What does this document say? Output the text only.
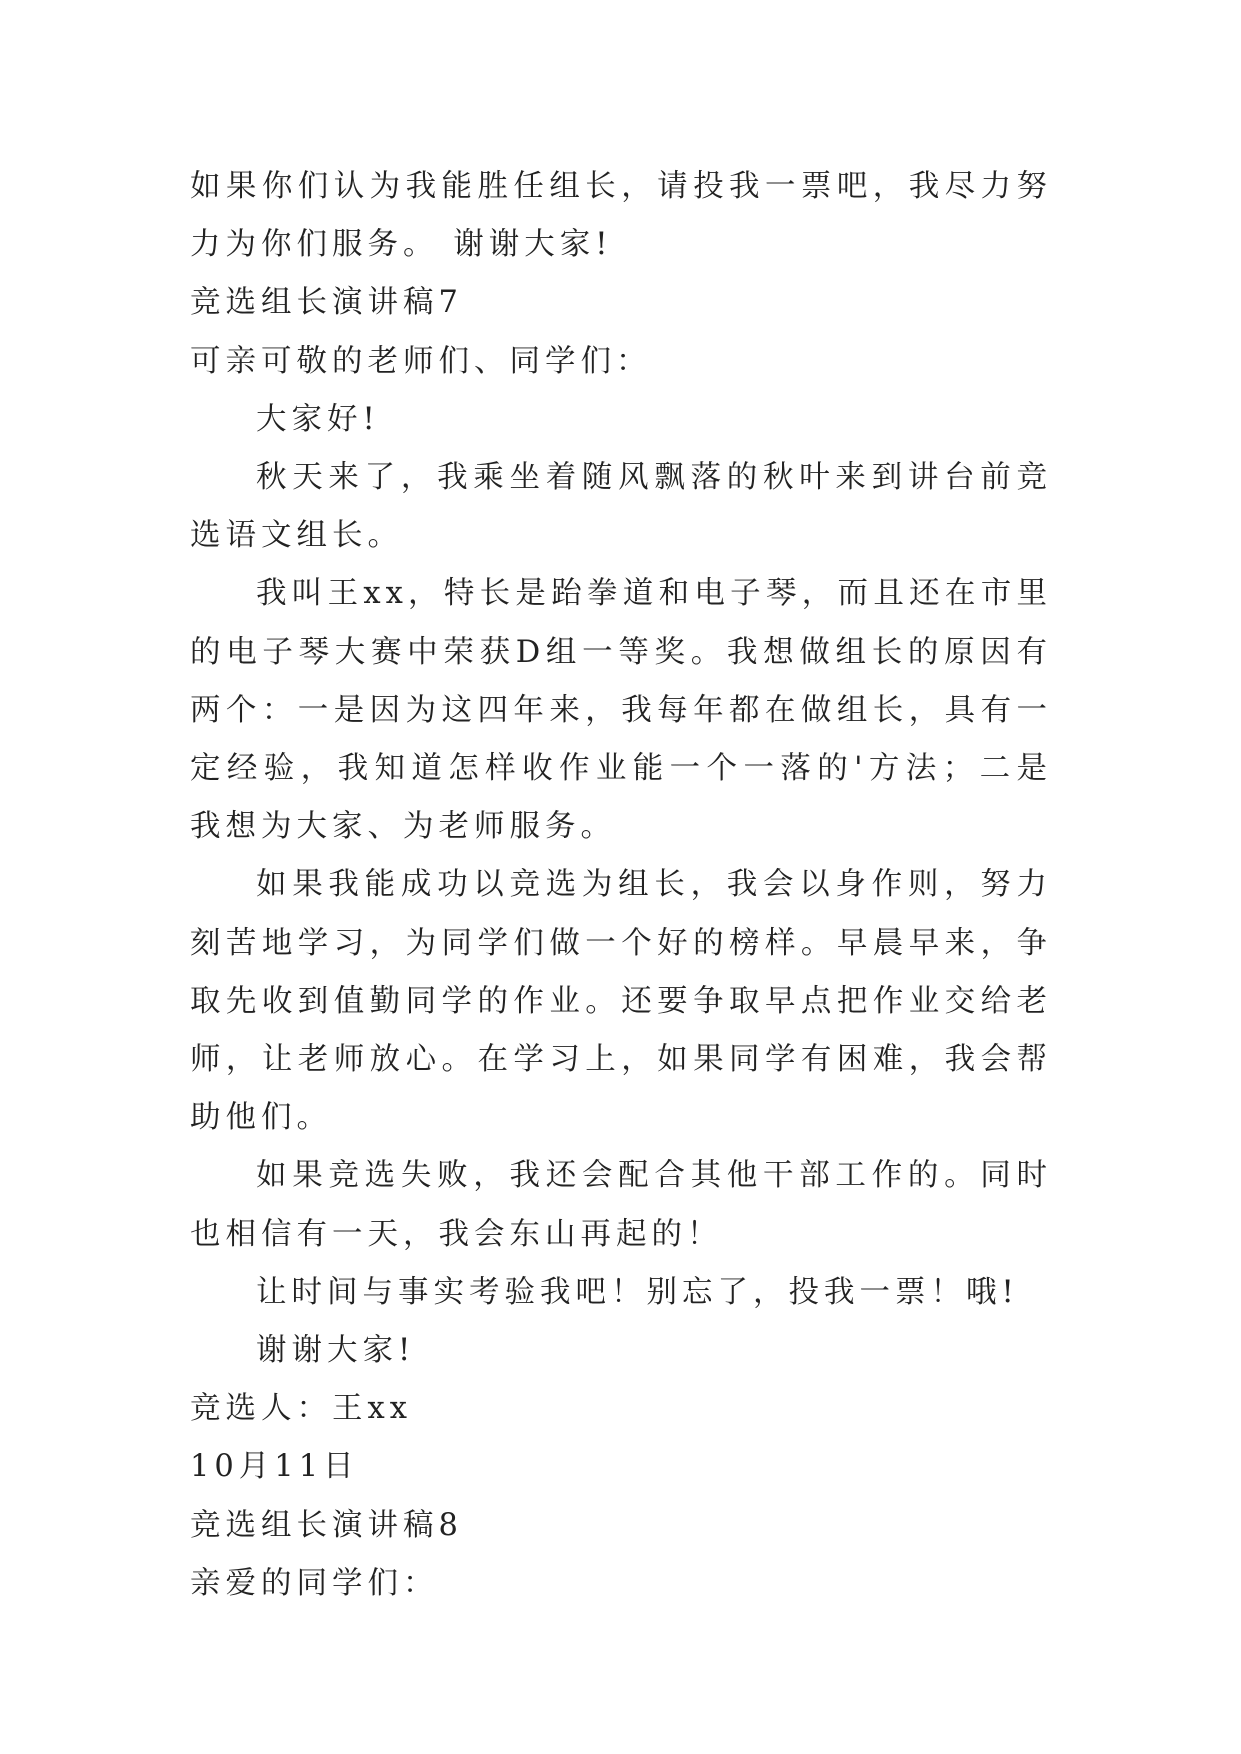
如果你们认为我能胜任组长，请投我一票吧，我尽力努力为你们服务。 谢谢大家!

竞选组长演讲稿7

可亲可敬的老师们、同学们：

大家好!

秋天来了，我乘坐着随风飘落的秋叶来到讲台前竞选语文组长。

我叫王xx，特长是跆拳道和电子琴，而且还在市里的电子琴大赛中荣获D组一等奖。我想做组长的原因有两个：一是因为这四年来，我每年都在做组长，具有一定经验，我知道怎样收作业能一个一落的'方法；二是我想为大家、为老师服务。

如果我能成功以竞选为组长，我会以身作则，努力刻苦地学习，为同学们做一个好的榜样。早晨早来，争取先收到值勤同学的作业。还要争取早点把作业交给老师，让老师放心。在学习上，如果同学有困难，我会帮助他们。

如果竞选失败，我还会配合其他干部工作的。同时也相信有一天，我会东山再起的！

让时间与事实考验我吧！别忘了，投我一票！哦!

谢谢大家!

竞选人：王xx

10月11日

竞选组长演讲稿8

亲爱的同学们：
